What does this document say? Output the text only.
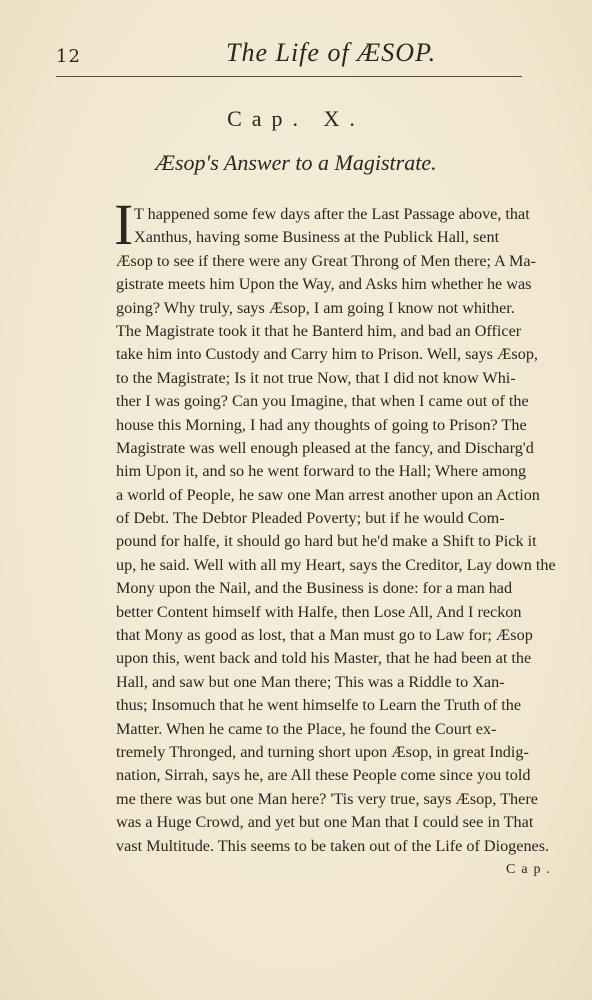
12	The Life of ÆSOP.
Cap. X.
Æsop's Answer to a Magistrate.
I T happened some few days after the Last Passage above, that
Xanthus, having some Business at the Publick Hall, sent
Æsop to see if there were any Great Throng of Men there; A Ma-
gistrate meets him Upon the Way, and Asks him whether he was
going? Why truly, says Æsop, I am going I know not whither.
The Magistrate took it that he Banterd him, and bad an Officer
take him into Custody and Carry him to Prison. Well, says Æsop,
to the Magistrate; Is it not true Now, that I did not know Whi-
ther I was going? Can you Imagine, that when I came out of the
house this Morning, I had any thoughts of going to Prison? The
Magistrate was well enough pleased at the fancy, and Discharg'd
him Upon it, and so he went forward to the Hall; Where among
a world of People, he saw one Man arrest another upon an Action
of Debt. The Debtor Pleaded Poverty; but if he would Com-
pound for halfe, it should go hard but he'd make a Shift to Pick it
up, he said. Well with all my Heart, says the Creditor, Lay down the
Mony upon the Nail, and the Business is done: for a man had
better Content himself with Halfe, then Lose All, And I reckon
that Mony as good as lost, that a Man must go to Law for; Æsop
upon this, went back and told his Master, that he had been at the
Hall, and saw but one Man there; This was a Riddle to Xan-
thus; Insomuch that he went himselfe to Learn the Truth of the
Matter. When he came to the Place, he found the Court ex-
tremely Thronged, and turning short upon Æsop, in great Indig-
nation, Sirrah, says he, are All these People come since you told
me there was but one Man here? 'Tis very true, says Æsop, There
was a Huge Crowd, and yet but one Man that I could see in That
vast Multitude. This seems to be taken out of the Life of Diogenes.
Cap.
